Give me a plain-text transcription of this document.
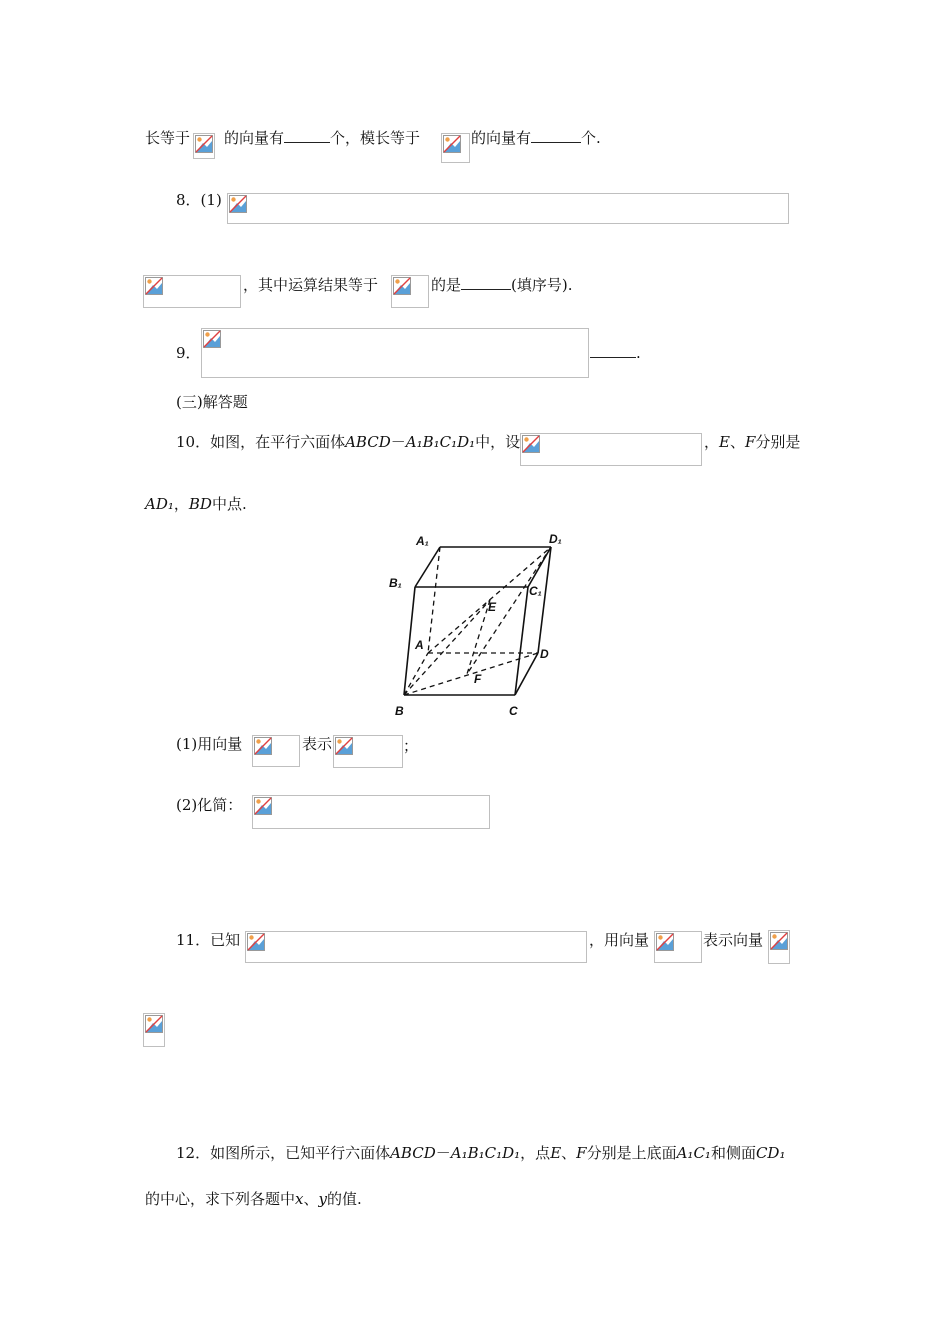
长等于 的向量有	个，模长等于	的向量有	个.
8．(1)
，其中运算结果等于	的是	(填序号).
9．	.
(三)解答题
10．如图，在平行六面体ABCD－A₁B₁C₁D₁中，设	，E、F分别是
AD₁，BD中点.
A₁	D₁
B₁
C₁
E
A
D
F
B	C
(1)用向量	表示	；
(2)化简：
11．已知	，用向量	表示向量
12．如图所示，已知平行六面体ABCD－A₁B₁C₁D₁，点E、F分别是上底面A₁C₁和侧面CD₁
的中心，求下列各题中x、y的值.
